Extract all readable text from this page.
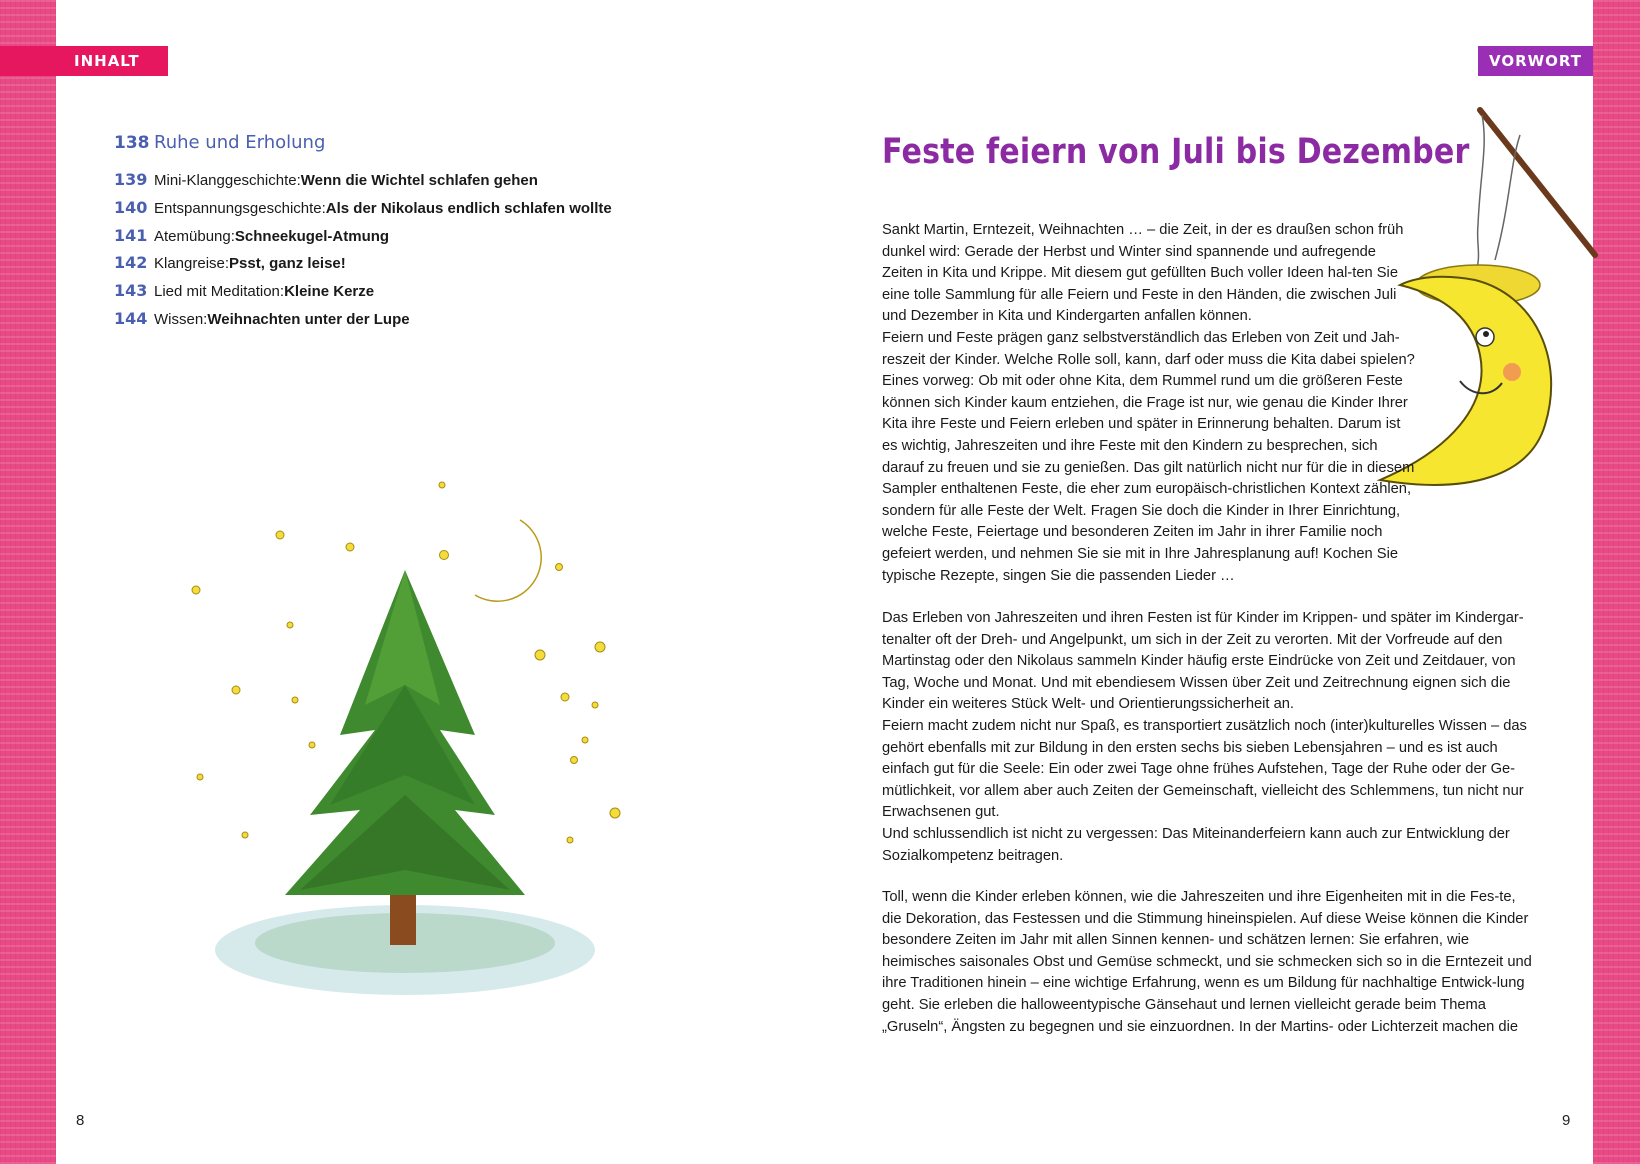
INHALT	VORWORT
138 Ruhe und Erholung
139 Mini-Klanggeschichte: Wenn die Wichtel schlafen gehen
140 Entspannungsgeschichte: Als der Nikolaus endlich schlafen wollte
141 Atemübung: Schneekugel-Atmung
142 Klangreise: Psst, ganz leise!
143 Lied mit Meditation: Kleine Kerze
144 Wissen: Weihnachten unter der Lupe
Feste feiern von Juli bis Dezember

Sankt Martin, Erntezeit, Weihnachten … – die Zeit, in der es draußen schon früh dunkel wird: Gerade der Herbst und Winter sind spannende und aufregende Zeiten in Kita und Krippe. Mit diesem gut gefüllten Buch voller Ideen hal-ten Sie eine tolle Sammlung für alle Feiern und Feste in den Händen, die zwischen Juli und Dezember in Kita und Kindergarten anfallen können.

Feiern und Feste prägen ganz selbstverständlich das Erleben von Zeit und Jah-reszeit der Kinder. Welche Rolle soll, kann, darf oder muss die Kita dabei spielen? Eines vorweg: Ob mit oder ohne Kita, dem Rummel rund um die größeren Feste können sich Kinder kaum entziehen, die Frage ist nur, wie genau die Kinder Ihrer Kita ihre Feste und Feiern erleben und später in Erinnerung behalten. Darum ist es wichtig, Jahreszeiten und ihre Feste mit den Kindern zu besprechen, sich darauf zu freuen und sie zu genießen. Das gilt natürlich nicht nur für die in diesem Sampler enthaltenen Feste, die eher zum europäisch-christlichen Kontext zählen, sondern für alle Feste der Welt. Fragen Sie doch die Kinder in Ihrer Einrichtung, welche Feste, Feiertage und besonderen Zeiten im Jahr in ihrer Familie noch gefeiert werden, und nehmen Sie sie mit in Ihre Jahresplanung auf! Kochen Sie typische Rezepte, singen Sie die passenden Lieder …

Das Erleben von Jahreszeiten und ihren Festen ist für Kinder im Krippen- und später im Kindergar-tenalter oft der Dreh- und Angelpunkt, um sich in der Zeit zu verorten. Mit der Vorfreude auf den Martinstag oder den Nikolaus sammeln Kinder häufig erste Eindrücke von Zeit und Zeitdauer, von Tag, Woche und Monat. Und mit ebendiesem Wissen über Zeit und Zeitrechnung eignen sich die Kinder ein weiteres Stück Welt- und Orientierungssicherheit an.

Feiern macht zudem nicht nur Spaß, es transportiert zusätzlich noch (inter)kulturelles Wissen – das gehört ebenfalls mit zur Bildung in den ersten sechs bis sieben Lebensjahren – und es ist auch einfach gut für die Seele: Ein oder zwei Tage ohne frühes Aufstehen, Tage der Ruhe oder der Ge-mütlichkeit, vor allem aber auch Zeiten der Gemeinschaft, vielleicht des Schlemmens, tun nicht nur Erwachsenen gut.

Und schlussendlich ist nicht zu vergessen: Das Miteinanderfeiern kann auch zur Entwicklung der Sozialkompetenz beitragen.

Toll, wenn die Kinder erleben können, wie die Jahreszeiten und ihre Eigenheiten mit in die Fes-te, die Dekoration, das Festessen und die Stimmung hineinspielen. Auf diese Weise können die Kinder besondere Zeiten im Jahr mit allen Sinnen kennen- und schätzen lernen: Sie erfahren, wie heimisches saisonales Obst und Gemüse schmeckt, und sie schmecken sich so in die Erntezeit und ihre Traditionen hinein – eine wichtige Erfahrung, wenn es um Bildung für nachhaltige Entwick-lung geht. Sie erleben die halloweentypische Gänsehaut und lernen vielleicht gerade beim Thema „Gruseln“, Ängsten zu begegnen und sie einzuordnen. In der Martins- oder Lichterzeit machen die

8	9
